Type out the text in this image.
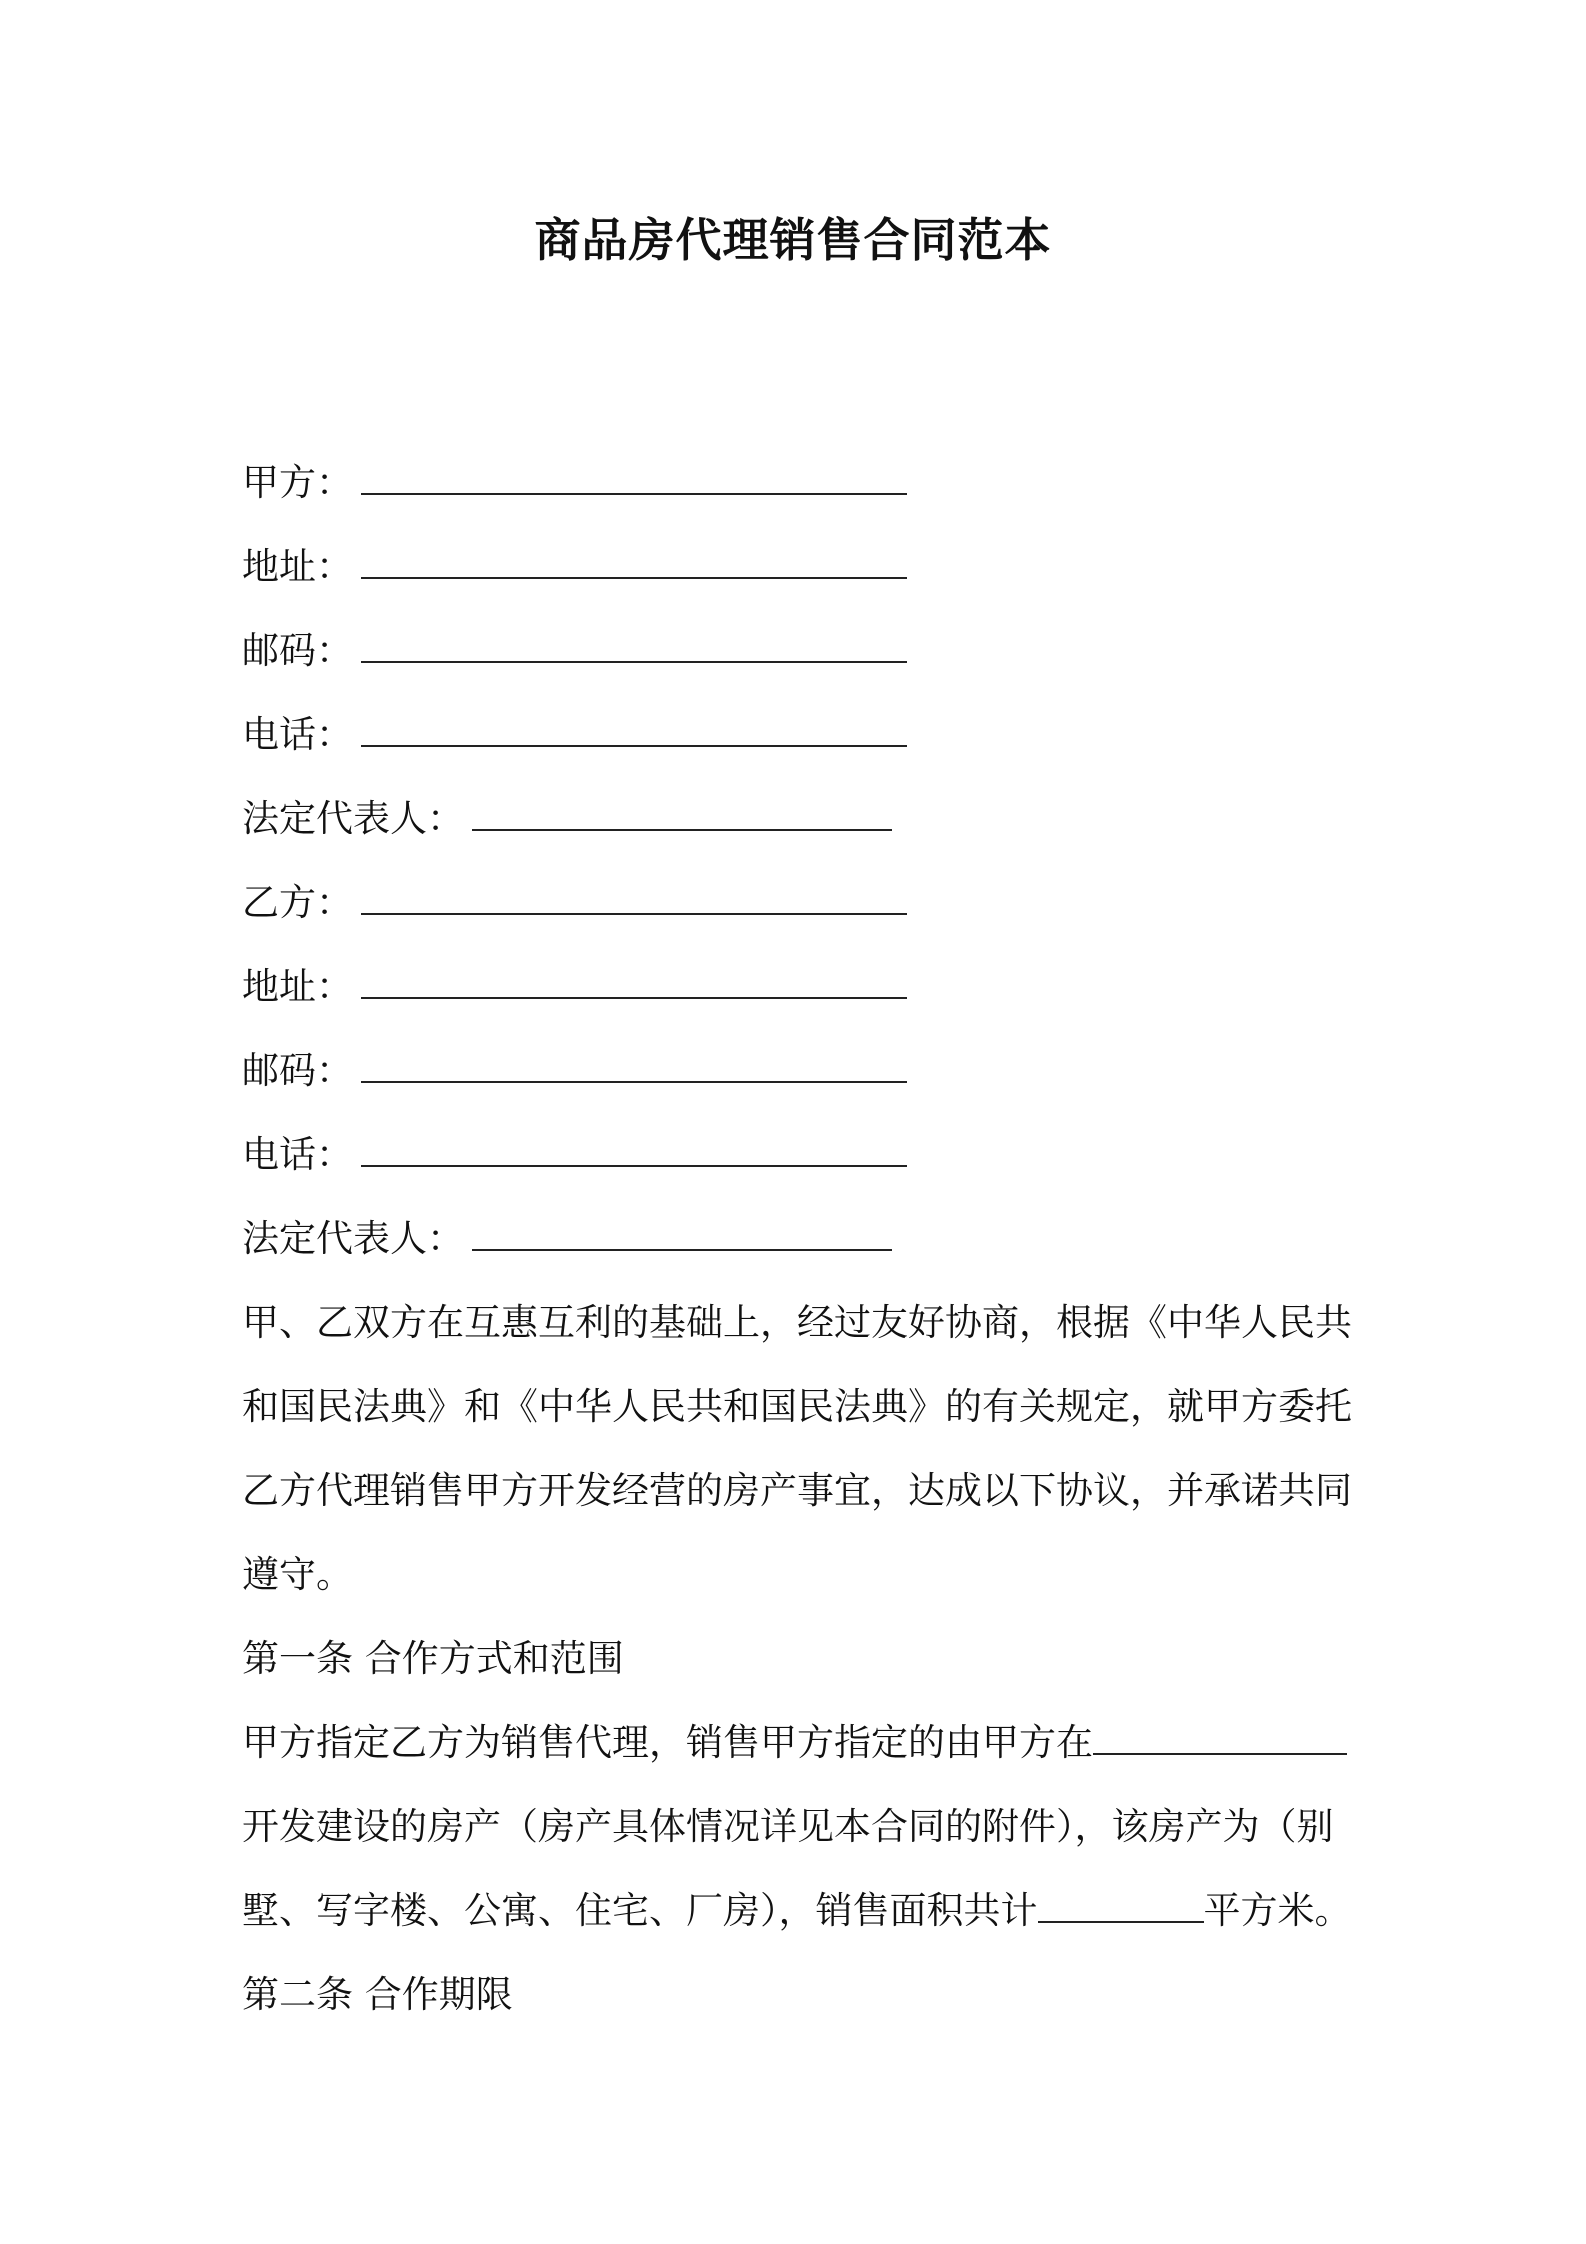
商品房代理销售合同范本
甲方：
地址：
邮码：
电话：
法定代表人：
乙方：
地址：
邮码：
电话：
法定代表人：
甲、乙双方在互惠互利的基础上，经过友好协商，根据《中华人民共
和国民法典》和《中华人民共和国民法典》的有关规定，就甲方委托
乙方代理销售甲方开发经营的房产事宜，达成以下协议，并承诺共同
遵守。
第一条 合作方式和范围
甲方指定乙方为销售代理，销售甲方指定的由甲方在
开发建设的房产（房产具体情况详见本合同的附件），该房产为（别
墅、写字楼、公寓、住宅、厂房），销售面积共计	平方米。
第二条 合作期限
